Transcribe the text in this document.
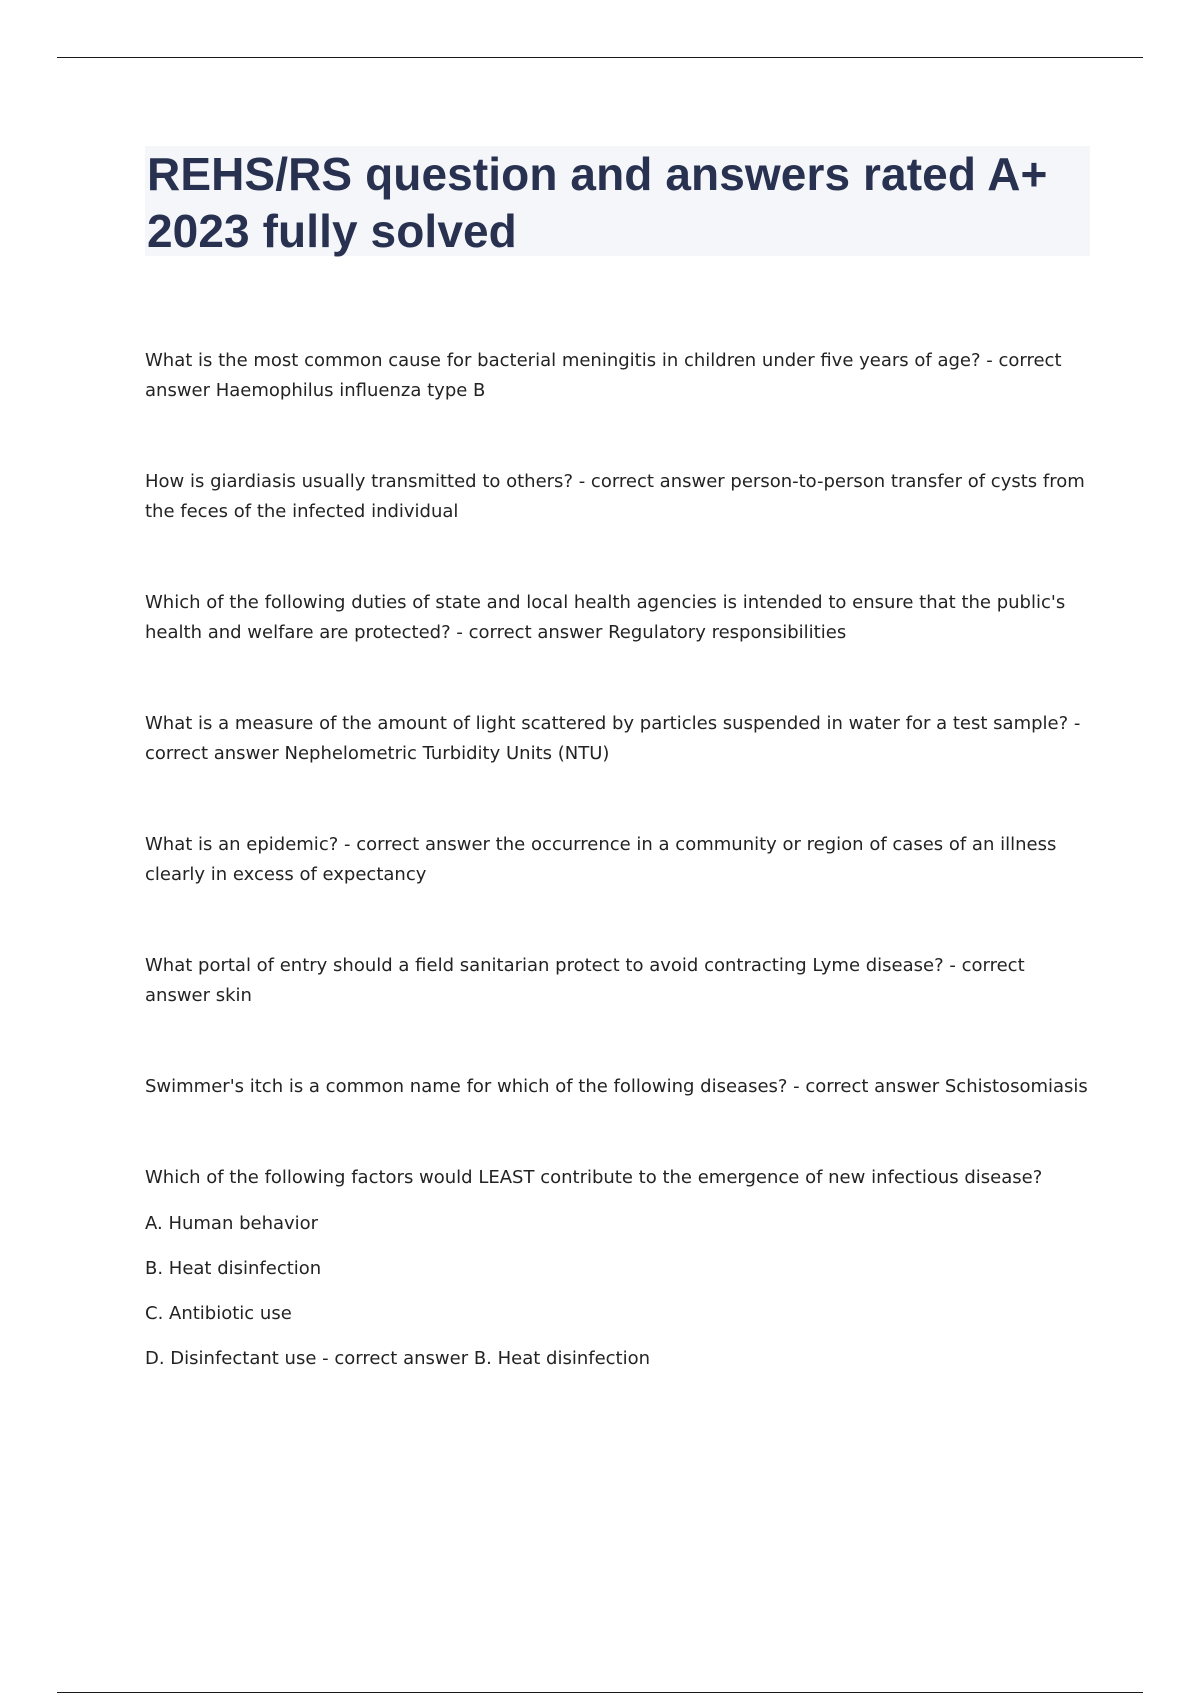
REHS/RS question and answers rated A+ 2023 fully solved

What is the most common cause for bacterial meningitis in children under five years of age? - correct answer Haemophilus influenza type B

How is giardiasis usually transmitted to others? - correct answer person-to-person transfer of cysts from the feces of the infected individual

Which of the following duties of state and local health agencies is intended to ensure that the public's health and welfare are protected? - correct answer Regulatory responsibilities

What is a measure of the amount of light scattered by particles suspended in water for a test sample? - correct answer Nephelometric Turbidity Units (NTU)

What is an epidemic? - correct answer the occurrence in a community or region of cases of an illness clearly in excess of expectancy

What portal of entry should a field sanitarian protect to avoid contracting Lyme disease? - correct answer skin

Swimmer's itch is a common name for which of the following diseases? - correct answer Schistosomiasis

Which of the following factors would LEAST contribute to the emergence of new infectious disease?

A. Human behavior

B. Heat disinfection

C. Antibiotic use

D. Disinfectant use - correct answer B. Heat disinfection
